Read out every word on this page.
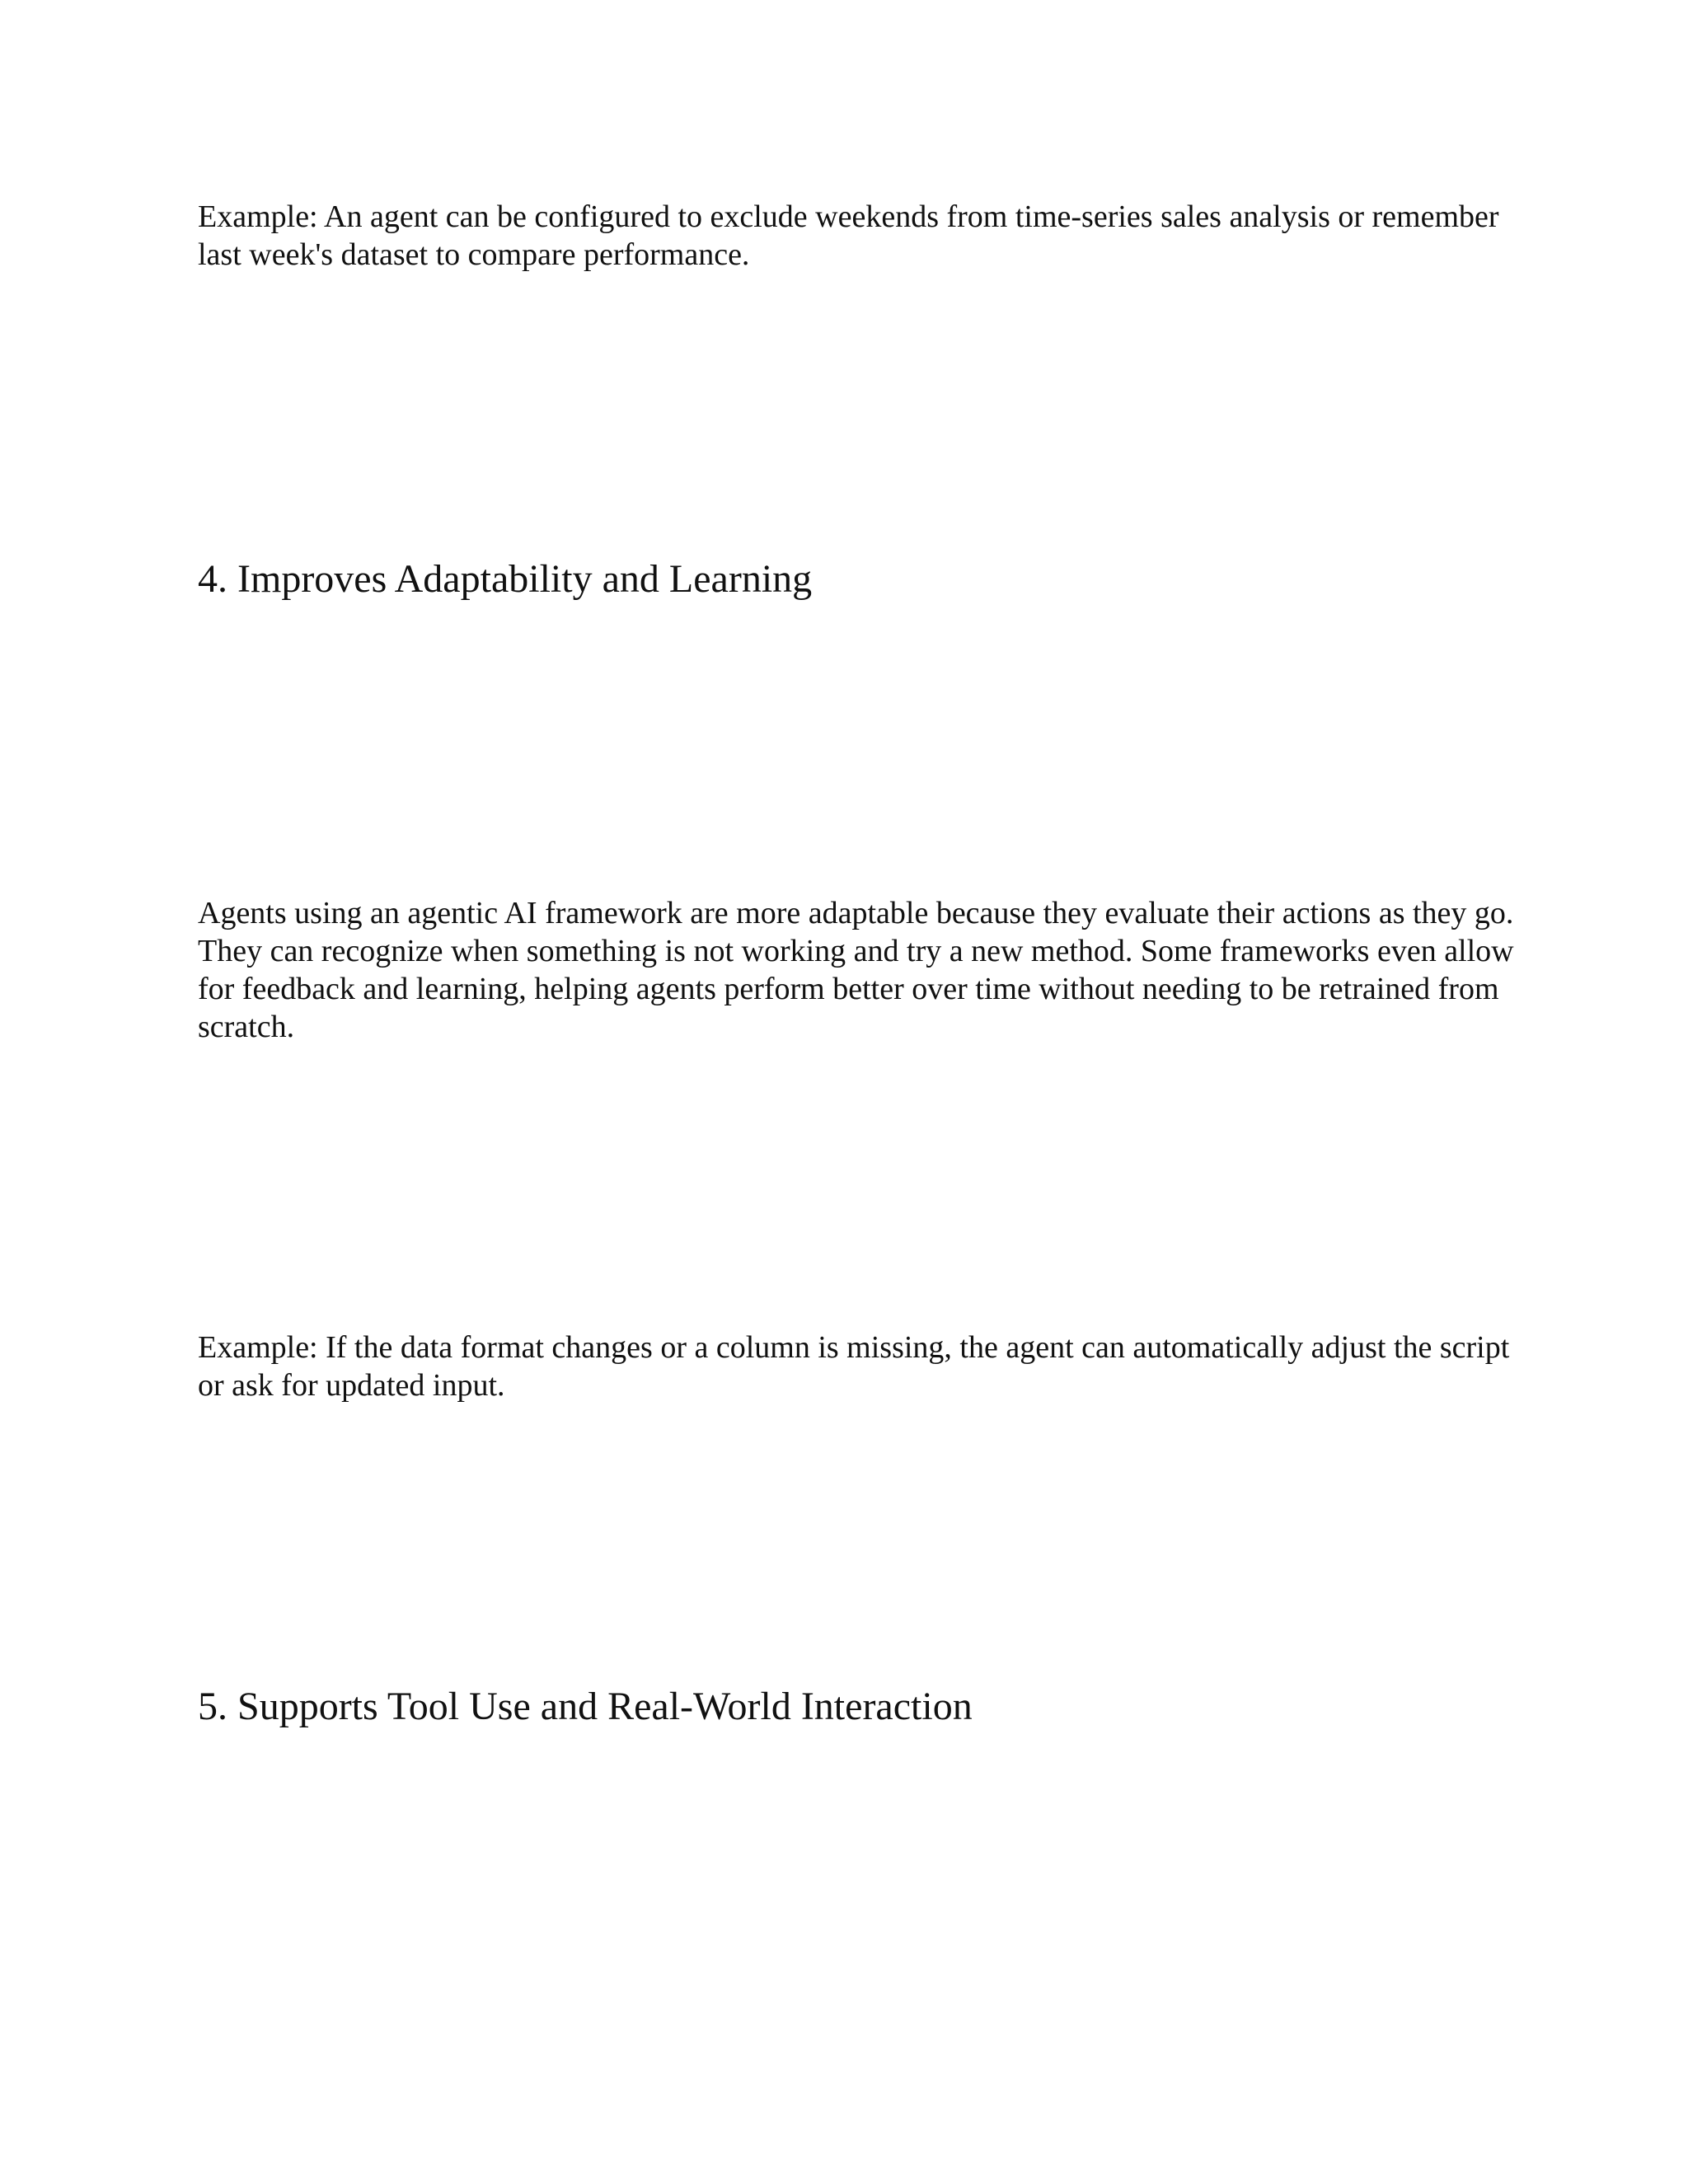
Example: An agent can be configured to exclude weekends from time-series sales analysis or remember last week's dataset to compare performance.

4. Improves Adaptability and Learning

Agents using an agentic AI framework are more adaptable because they evaluate their actions as they go. They can recognize when something is not working and try a new method. Some frameworks even allow for feedback and learning, helping agents perform better over time without needing to be retrained from scratch.

Example: If the data format changes or a column is missing, the agent can automatically adjust the script or ask for updated input.

5. Supports Tool Use and Real-World Interaction
